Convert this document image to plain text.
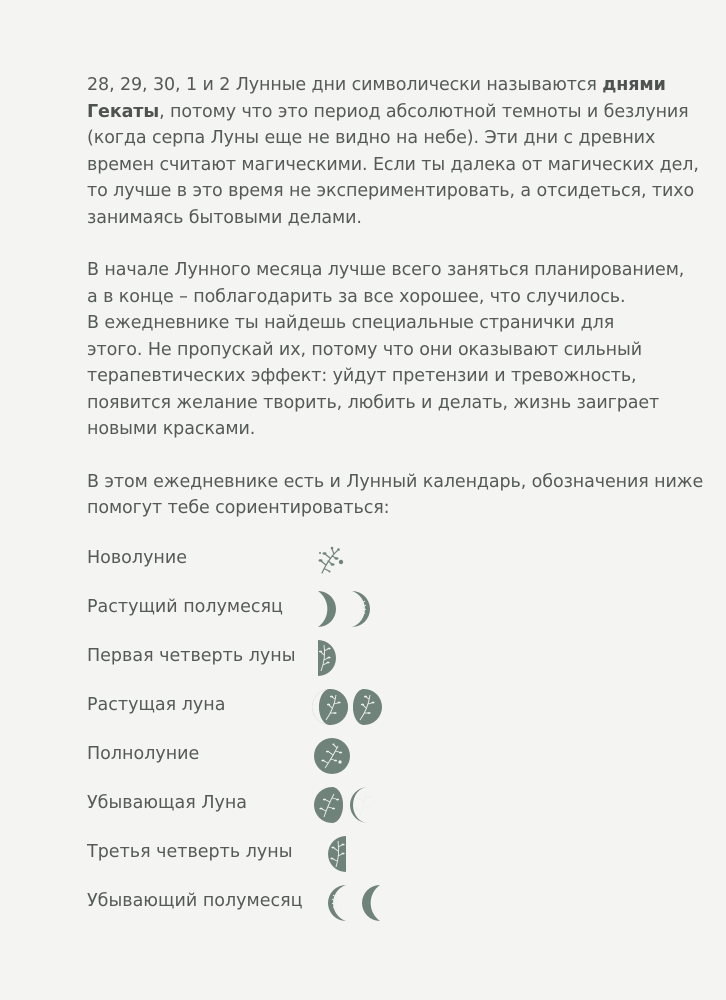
28, 29, 30, 1 и 2 Лунные дни символически называются днями
Гекаты, потому что это период абсолютной темноты и безлуния
(когда серпа Луны еще не видно на небе). Эти дни с древних
времен считают магическими. Если ты далека от магических дел,
то лучше в это время не экспериментировать, а отсидеться, тихо
занимаясь бытовыми делами.

В начале Лунного месяца лучше всего заняться планированием,
а в конце – поблагодарить за все хорошее, что случилось.
В ежедневнике ты найдешь специальные странички для
этого. Не пропускай их, потому что они оказывают сильный
терапевтических эффект: уйдут претензии и тревожность,
появится желание творить, любить и делать, жизнь заиграет
новыми красками.

В этом ежедневнике есть и Лунный календарь, обозначения ниже
помогут тебе сориентироваться:

Новолуние
Растущий полумесяц
Первая четверть луны
Растущая луна
Полнолуние
Убывающая Луна
Третья четверть луны
Убывающий полумесяц
